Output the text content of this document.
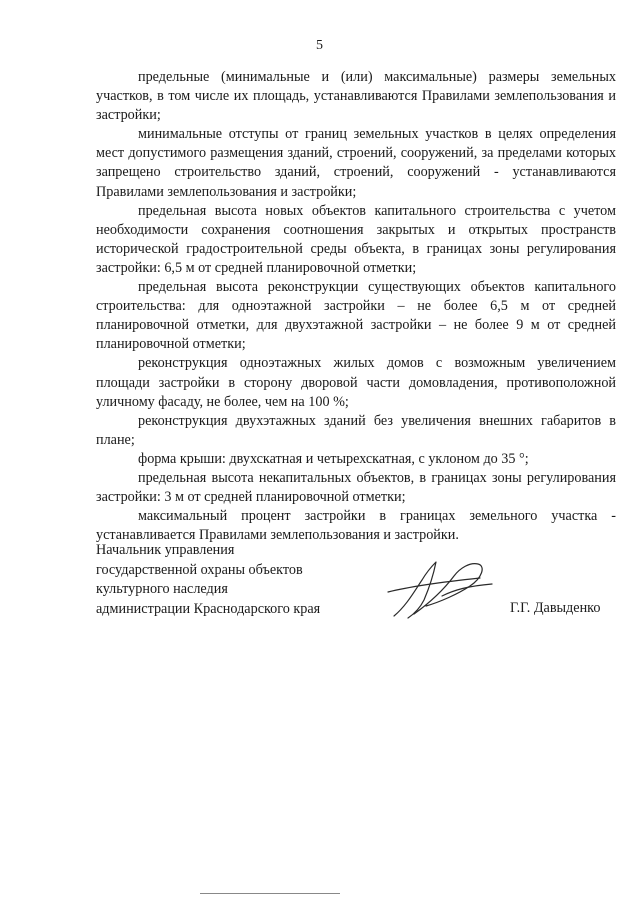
5

предельные (минимальные и (или) максимальные) размеры земельных участков, в том числе их площадь, устанавливаются Правилами землепользования и застройки;

минимальные отступы от границ земельных участков в целях определения мест допустимого размещения зданий, строений, сооружений, за пределами которых запрещено строительство зданий, строений, сооружений - устанавливаются Правилами землепользования и застройки;

предельная высота новых объектов капитального строительства с учетом необходимости сохранения соотношения закрытых и открытых пространств исторической градостроительной среды объекта, в границах зоны регулирования застройки: 6,5 м от средней планировочной отметки;

предельная высота реконструкции существующих объектов капитального строительства: для одноэтажной застройки – не более 6,5 м от средней планировочной отметки, для двухэтажной застройки – не более 9 м от средней планировочной отметки;

реконструкция одноэтажных жилых домов с возможным увеличением площади застройки в сторону дворовой части домовладения, противоположной уличному фасаду, не более, чем на 100 %;

реконструкция двухэтажных зданий без увеличения внешних габаритов в плане;

форма крыши: двухскатная и четырехскатная, с уклоном до 35 °;

предельная высота некапитальных объектов, в границах зоны регулирования застройки: 3 м от средней планировочной отметки;

максимальный процент застройки в границах земельного участка - устанавливается Правилами землепользования и застройки.

Начальник управления
государственной охраны объектов
культурного наследия
администрации Краснодарского края	Г.Г. Давыденко
